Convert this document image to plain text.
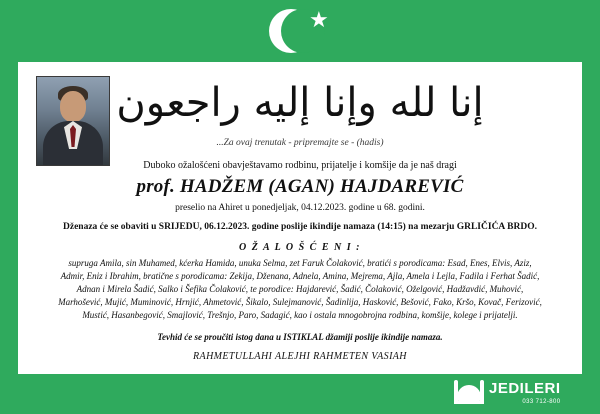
إنا لله وإنا إليه راجعون
...Za ovaj trenutak - pripremajte se - (hadis)
Duboko ožalošćeni obavještavamo rodbinu, prijatelje i komšije da je naš dragi
prof. HADŽEM (AGAN) HAJDAREVIĆ
preselio na Ahiret u ponedjeljak, 04.12.2023. godine u 68. godini.
Dženaza će se obaviti u SRIJEDU, 06.12.2023. godine poslije ikindije namaza (14:15) na mezarju GRLIČIĆA BRDO.
O Ž A L O Š Ć E N I :
supruga Amila, sin Muhamed, kćerka Hamida, unuka Selma, zet Faruk Čolaković, bratići s porodicama: Esad, Enes, Elvis, Aziz, Admir, Eniz i Ibrahim, bratične s porodicama: Zekija, Dženana, Adnela, Amina, Mejrema, Ajla, Amela i Lejla, Fadila i Ferhat Šadić, Adnan i Mirela Šadić, Salko i Šefika Čolaković, te porodice: Hajdarević, Šadić, Čolaković, Oželgović, Hadžavdić, Muhović, Marhošević, Mujić, Muminović, Hrnjić, Ahmetović, Šikalo, Sulejmanović, Šadinlija, Hasković, Bešović, Fako, Kršo, Kovač, Ferizović, Mustić, Hasanbegović, Smajlović, Trešnjo, Paro, Sadagić, kao i ostala mnogobrojna rodbina, komšije, kolege i prijatelji.
Tevhid će se proučiti istog dana u ISTIKLAL džamiji poslije ikindije namaza.
RAHMETULLAHI ALEJHI RAHMETEN VASIAH
JEDILERI
033 712-800
